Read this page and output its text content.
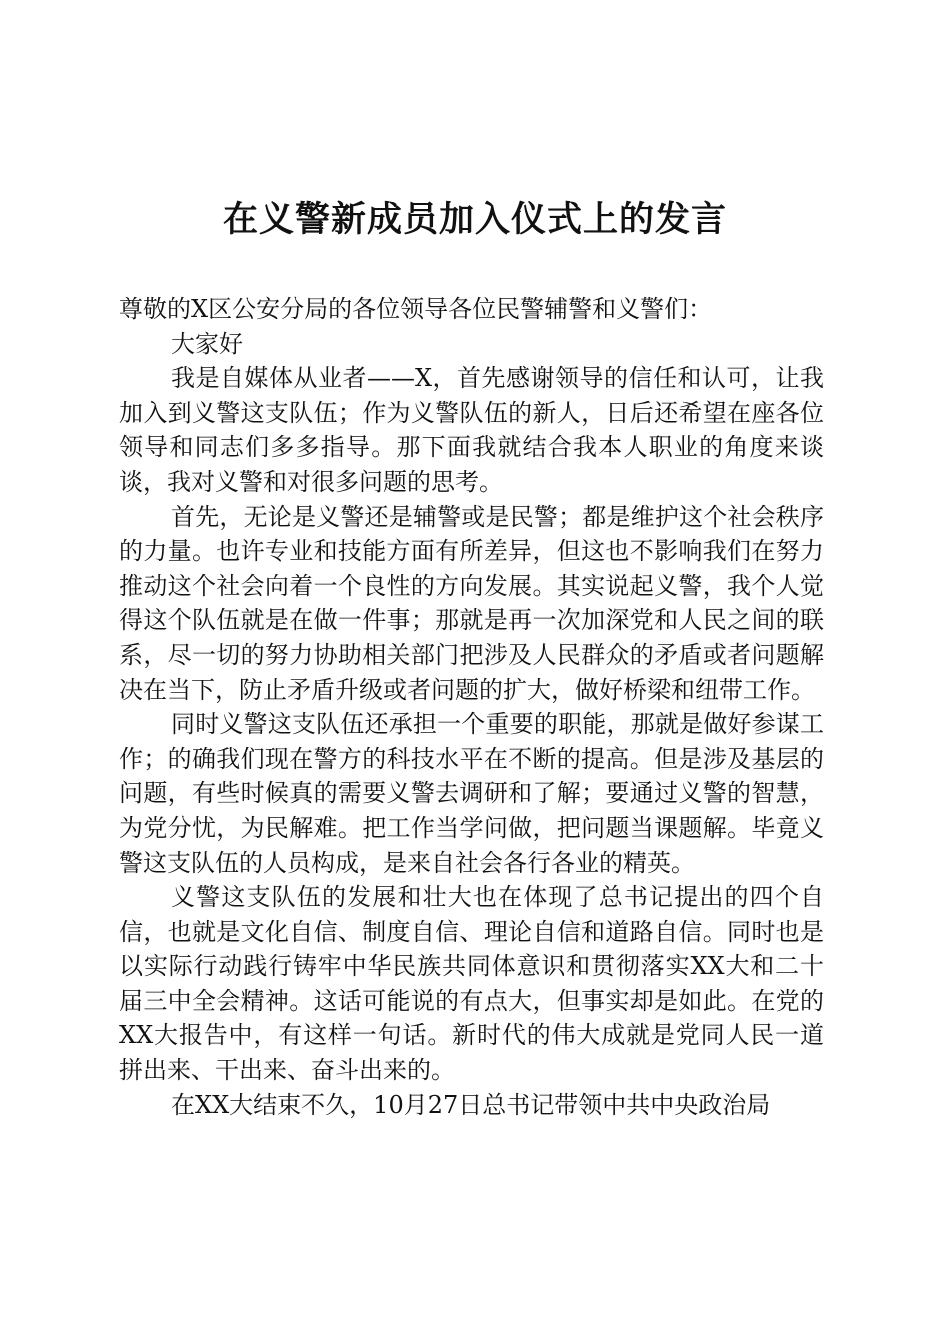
在义警新成员加入仪式上的发言

尊敬的X区公安分局的各位领导各位民警辅警和义警们：

大家好

我是自媒体从业者——X，首先感谢领导的信任和认可，让我加入到义警这支队伍；作为义警队伍的新人，日后还希望在座各位领导和同志们多多指导。那下面我就结合我本人职业的角度来谈谈，我对义警和对很多问题的思考。

首先，无论是义警还是辅警或是民警；都是维护这个社会秩序的力量。也许专业和技能方面有所差异，但这也不影响我们在努力推动这个社会向着一个良性的方向发展。其实说起义警，我个人觉得这个队伍就是在做一件事；那就是再一次加深党和人民之间的联系，尽一切的努力协助相关部门把涉及人民群众的矛盾或者问题解决在当下，防止矛盾升级或者问题的扩大，做好桥梁和纽带工作。

同时义警这支队伍还承担一个重要的职能，那就是做好参谋工作；的确我们现在警方的科技水平在不断的提高。但是涉及基层的问题，有些时候真的需要义警去调研和了解；要通过义警的智慧，为党分忧，为民解难。把工作当学问做，把问题当课题解。毕竟义警这支队伍的人员构成，是来自社会各行各业的精英。

义警这支队伍的发展和壮大也在体现了总书记提出的四个自信，也就是文化自信、制度自信、理论自信和道路自信。同时也是以实际行动践行铸牢中华民族共同体意识和贯彻落实XX大和二十届三中全会精神。这话可能说的有点大，但事实却是如此。在党的XX大报告中，有这样一句话。新时代的伟大成就是党同人民一道拼出来、干出来、奋斗出来的。

在XX大结束不久，10月27日总书记带领中共中央政治局
